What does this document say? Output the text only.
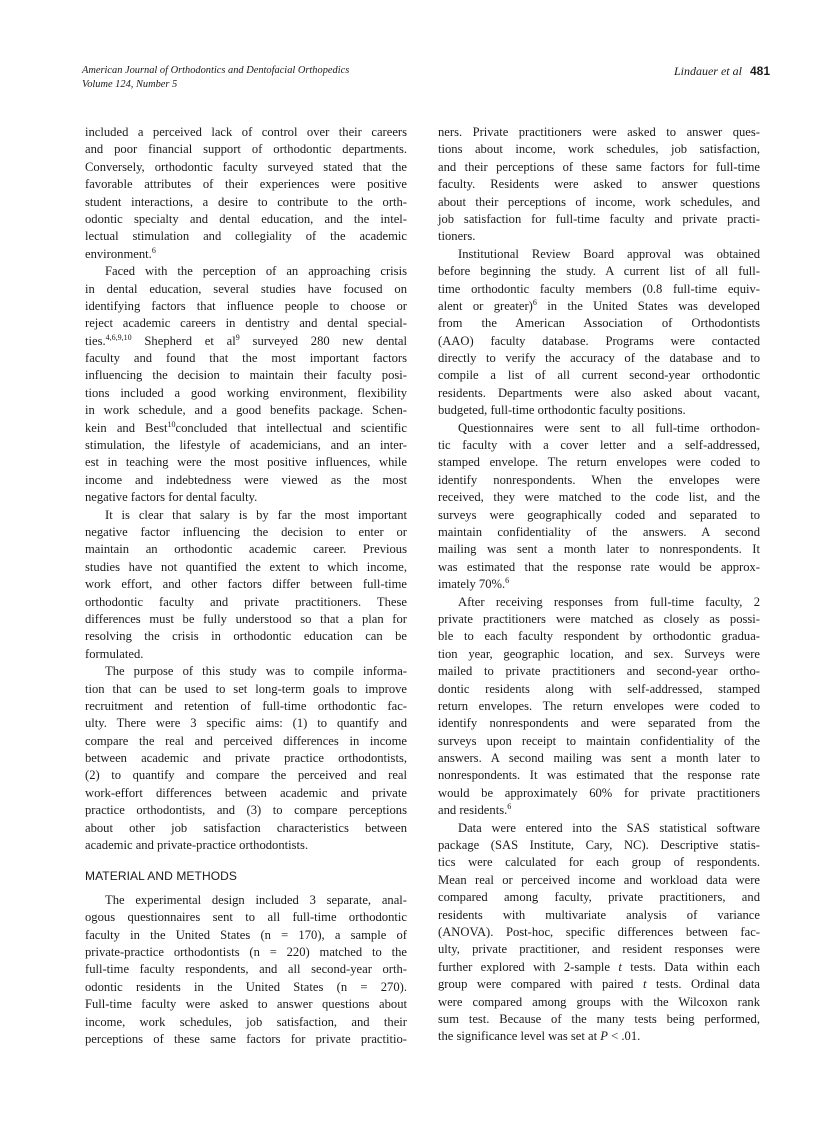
American Journal of Orthodontics and Dentofacial Orthopedics
Volume 124, Number 5
Lindauer et al 481
included a perceived lack of control over their careers
and poor financial support of orthodontic departments.
Conversely, orthodontic faculty surveyed stated that the
favorable attributes of their experiences were positive
student interactions, a desire to contribute to the orth-
odontic specialty and dental education, and the intel-
lectual stimulation and collegiality of the academic
environment.$^6$
Faced with the perception of an approaching crisis
in dental education, several studies have focused on
identifying factors that influence people to choose or
reject academic careers in dentistry and dental special-
ties.$^{4,6,9,10}$ Shepherd et $al^9$ surveyed 280 new dental
faculty and found that the most important factors
influencing the decision to maintain their faculty posi-
tions included a good working environment, flexibility
in work schedule, and a good benefits package. Schen-
kein and Best$^{10}$concluded that intellectual and scientific
stimulation, the lifestyle of academicians, and an inter-
est in teaching were the most positive influences, while
income and indebtedness were viewed as the most
negative factors for dental faculty.
It is clear that salary is by far the most important
negative factor influencing the decision to enter or
maintain an orthodontic academic career. Previous
studies have not quantified the extent to which income,
work effort, and other factors differ between full-time
orthodontic faculty and private practitioners. These
differences must be fully understood so that a plan for
resolving the crisis in orthodontic education can be
formulated.
The purpose of this study was to compile informa-
tion that can be used to set long-term goals to improve
recruitment and retention of full-time orthodontic fac-
ulty. There were 3 specific aims: (1) to quantify and
compare the real and perceived differences in income
between academic and private practice orthodontists,
(2) to quantify and compare the perceived and real
work-effort differences between academic and private
practice orthodontists, and (3) to compare perceptions
about other job satisfaction characteristics between
academic and private-practice orthodontists.
MATERIAL AND METHODS
The experimental design included 3 separate, anal-
ogous questionnaires sent to all full-time orthodontic
faculty in the United States (n = 170), a sample of
private-practice orthodontists (n = 220) matched to the
full-time faculty respondents, and all second-year orth-
odontic residents in the United States (n = 270).
Full-time faculty were asked to answer questions about
income, work schedules, job satisfaction, and their
perceptions of these same factors for private practitio-
ners. Private practitioners were asked to answer ques-
tions about income, work schedules, job satisfaction,
and their perceptions of these same factors for full-time
faculty. Residents were asked to answer questions
about their perceptions of income, work schedules, and
job satisfaction for full-time faculty and private practi-
tioners.
Institutional Review Board approval was obtained
before beginning the study. A current list of all full-
time orthodontic faculty members (0.8 full-time equiv-
alent or greater)$^6$ in the United States was developed
from the American Association of Orthodontists
(AAO) faculty database. Programs were contacted
directly to verify the accuracy of the database and to
compile a list of all current second-year orthodontic
residents. Departments were also asked about vacant,
budgeted, full-time orthodontic faculty positions.
Questionnaires were sent to all full-time orthodon-
tic faculty with a cover letter and a self-addressed,
stamped envelope. The return envelopes were coded to
identify nonrespondents. When the envelopes were
received, they were matched to the code list, and the
surveys were geographically coded and separated to
maintain confidentiality of the answers. A second
mailing was sent a month later to nonrespondents. It
was estimated that the response rate would be approx-
imately 70%.$^6$
After receiving responses from full-time faculty, 2
private practitioners were matched as closely as possi-
ble to each faculty respondent by orthodontic gradua-
tion year, geographic location, and sex. Surveys were
mailed to private practitioners and second-year ortho-
dontic residents along with self-addressed, stamped
return envelopes. The return envelopes were coded to
identify nonrespondents and were separated from the
surveys upon receipt to maintain confidentiality of the
answers. A second mailing was sent a month later to
nonrespondents. It was estimated that the response rate
would be approximately 60% for private practitioners
and residents.$^6$
Data were entered into the SAS statistical software
package (SAS Institute, Cary, NC). Descriptive statis-
tics were calculated for each group of respondents.
Mean real or perceived income and workload data were
compared among faculty, private practitioners, and
residents with multivariate analysis of variance
(ANOVA). Post-hoc, specific differences between fac-
ulty, private practitioner, and resident responses were
further explored with 2-sample t tests. Data within each
group were compared with paired t tests. Ordinal data
were compared among groups with the Wilcoxon rank
sum test. Because of the many tests being performed,
the significance level was set at P < .01.
